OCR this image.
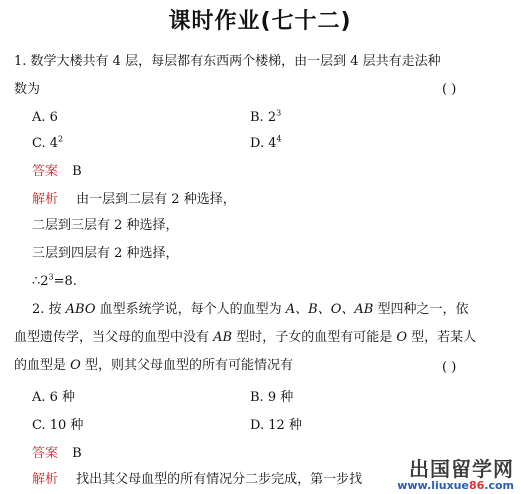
课时作业(七十二)
1. 数学大楼共有 4 层，每层都有东西两个楼梯，由一层到 4 层共有走法种
数为	( )
A. 6	B. $2^3$
C. $4^2$	D. $4^4$
答案 B
解析 由一层到二层有 2 种选择，
二层到三层有 2 种选择，
三层到四层有 2 种选择，
$\therefore 2^3=8$.
2. 按 ABO 血型系统学说，每个人的血型为 A、B、O、AB 型四种之一，依
血型遗传学，当父母的血型中没有 AB 型时，子女的血型有可能是 O 型，若某人
的血型是 O 型，则其父母血型的所有可能情况有	( )
A. 6 种	B. 9 种
C. 10 种	D. 12 种
答案 B
解析 找出其父母血型的所有情况分二步完成，第一步找	出国留学网
www.liuxue86.com
